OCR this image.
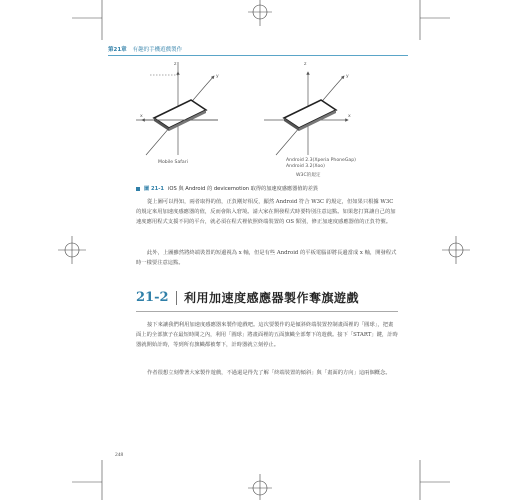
第21章 有趣的手機遊戲製作
z
x
y
z
x
y
Mobile Safari	Android 2.3(Xperia PhoneGap)
Android 3.2(Xoo)
W3C的規定
圖 21-1 iOS 與 Android 的 devicemotion 取得的加速度感應器值的差異

從上圖可以得知，兩者取得的值，正負剛好相反，顯然 Android 符合 W3C 的規定，但如果只根據 W3C 的規定來用加速度感應器的值，反而會陷入窘境。請大家在開發程式時要特別注意這點。如果您打算讓自己的加速度應用程式支援不同的平台，就必須在程式裡依照終端裝置的 OS 類別，修正加速度感應器值的正負符號。

此外，上圖雖然將終端裝置的短邊視為 x 軸，但是有些 Android 的平板電腦卻將長邊當成 x 軸，開發程式時一樣要注意這點。

21-2 利用加速度感應器製作奪旗遊戲

接下來讓我們利用加速度感應器來製作遊戲吧。這次要製作的是傾斜終端裝置控制畫面裡的「圓球」，把畫面上的全部旗子在最短時間之內，利用「圓球」將畫面裡的五面旗幟全部奪下的遊戲。接下「START」鍵，計時器就開始計時，等到所有旗幟都被奪下，計時器就立刻停止。

作者很想立刻帶著大家製作遊戲，不過還是得先了解「終端裝置的傾斜」與「畫面的方向」這兩個概念。

248
